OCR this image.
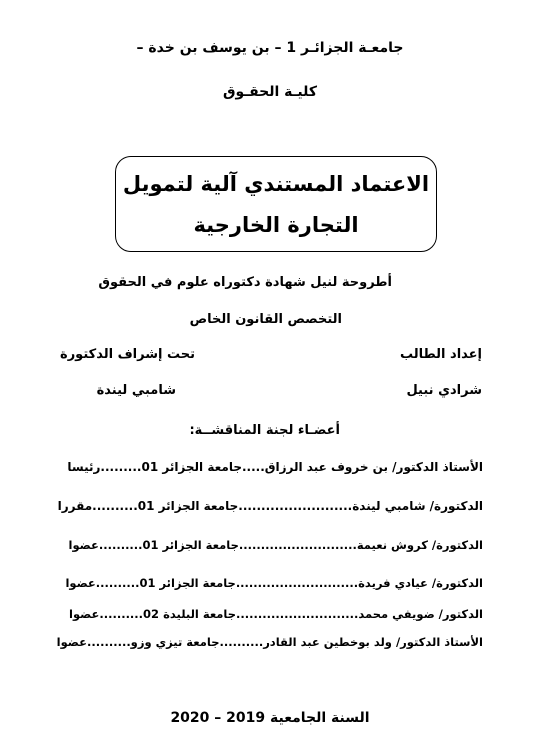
جامعـة الجزائـر 1 – بن يوسف بن خدة –
كليـة الحقـوق
الاعتماد المستندي آلية لتمويل
التجارة الخارجية
أطروحة لنيل شهادة دكتوراه علوم في الحقوق
التخصص القانون الخاص
إعداد الطالب
تحت إشراف الدكتورة
شرادي نبيل
شامبي ليندة
أعضـاء لجنة المناقشــة:
الأستاذ الدكتور/ بن خروف عبد الرزاق.....جامعة الجزائر 01.........رئيسا
الدكتورة/ شامبي ليندة.........................جامعة الجزائر 01..........مقررا
الدكتورة/ كروش نعيمة...........................جامعة الجزائر 01..........عضوا
الدكتورة/ عيادي فريدة............................جامعة الجزائر 01..........عضوا
الدكتور/ ضويفي محمد............................جامعة البليدة 02..........عضوا
الأستاذ الدكتور/ ولد بوخطين عبد القادر..........جامعة تيزي وزو..........عضوا
السنة الجامعية 2019 – 2020
